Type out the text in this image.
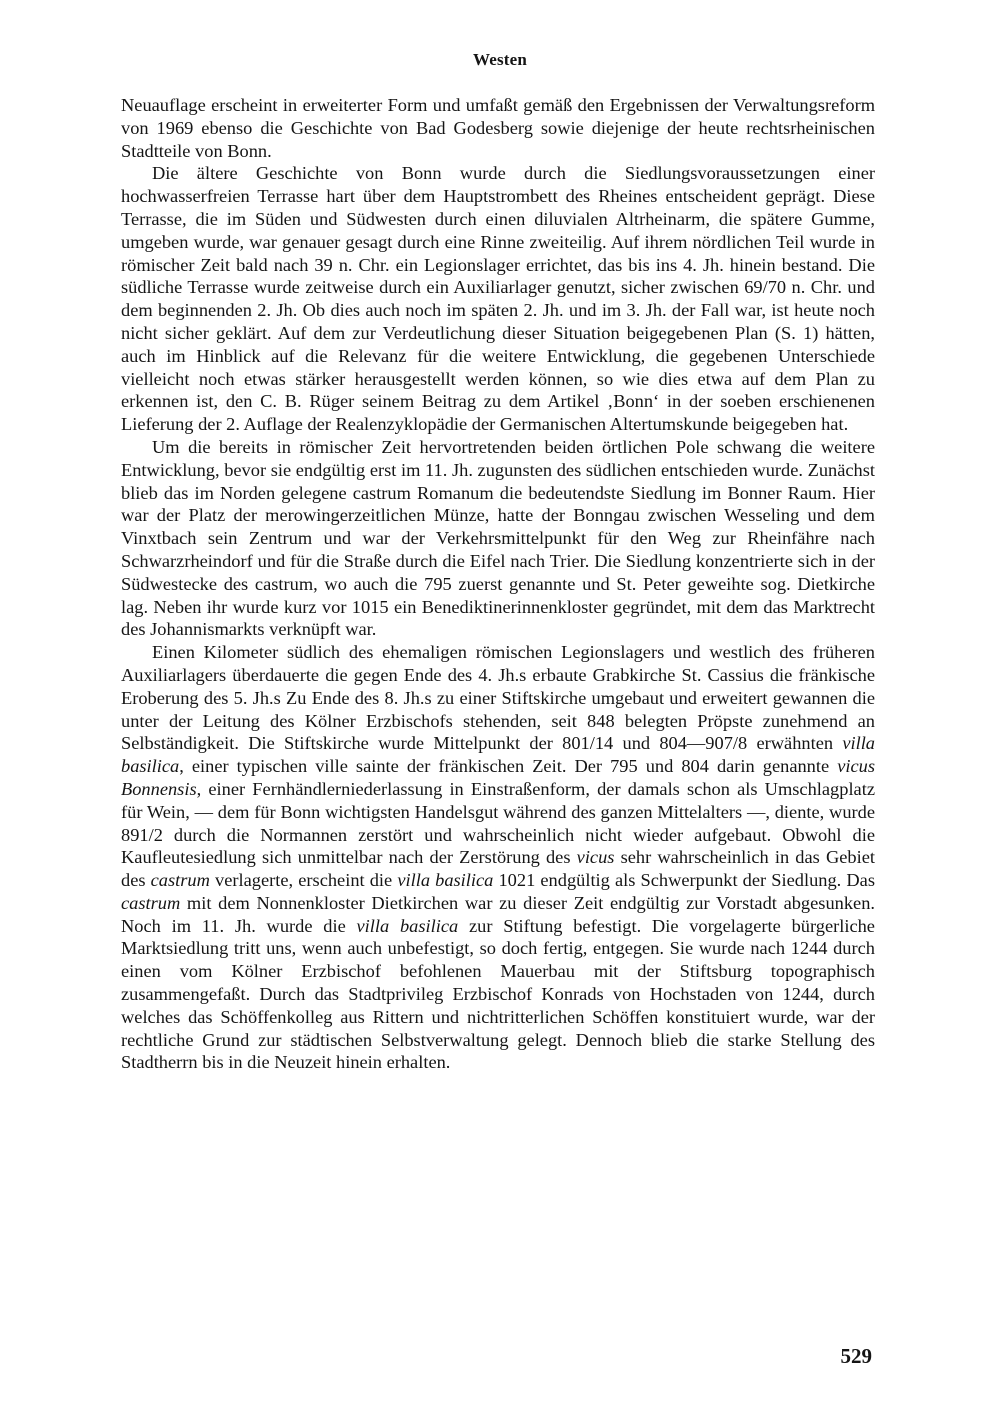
Westen

Neuauflage erscheint in erweiterter Form und umfaßt gemäß den Ergebnissen der Verwaltungsreform von 1969 ebenso die Geschichte von Bad Godesberg sowie diejenige der heute rechtsrheinischen Stadtteile von Bonn.

Die ältere Geschichte von Bonn wurde durch die Siedlungsvoraussetzungen einer hochwasserfreien Terrasse hart über dem Hauptstrombett des Rheines entscheident geprägt. Diese Terrasse, die im Süden und Südwesten durch einen diluvialen Altrheinarm, die spätere Gumme, umgeben wurde, war genauer gesagt durch eine Rinne zweiteilig. Auf ihrem nördlichen Teil wurde in römischer Zeit bald nach 39 n. Chr. ein Legionslager errichtet, das bis ins 4. Jh. hinein bestand. Die südliche Terrasse wurde zeitweise durch ein Auxiliarlager genutzt, sicher zwischen 69/70 n. Chr. und dem beginnenden 2. Jh. Ob dies auch noch im späten 2. Jh. und im 3. Jh. der Fall war, ist heute noch nicht sicher geklärt. Auf dem zur Verdeutlichung dieser Situation beigegebenen Plan (S. 1) hätten, auch im Hinblick auf die Relevanz für die weitere Entwicklung, die gegebenen Unterschiede vielleicht noch etwas stärker herausgestellt werden können, so wie dies etwa auf dem Plan zu erkennen ist, den C. B. Rüger seinem Beitrag zu dem Artikel ‚Bonn‘ in der soeben erschienenen Lieferung der 2. Auflage der Realenzyklopädie der Germanischen Altertumskunde beigegeben hat.

Um die bereits in römischer Zeit hervortretenden beiden örtlichen Pole schwang die weitere Entwicklung, bevor sie endgültig erst im 11. Jh. zugunsten des südlichen entschieden wurde. Zunächst blieb das im Norden gelegene castrum Romanum die bedeutendste Siedlung im Bonner Raum. Hier war der Platz der merowingerzeitlichen Münze, hatte der Bonngau zwischen Wesseling und dem Vinxtbach sein Zentrum und war der Verkehrsmittelpunkt für den Weg zur Rheinfähre nach Schwarzrheindorf und für die Straße durch die Eifel nach Trier. Die Siedlung konzentrierte sich in der Südwestecke des castrum, wo auch die 795 zuerst genannte und St. Peter geweihte sog. Dietkirche lag. Neben ihr wurde kurz vor 1015 ein Benediktinerinnenkloster gegründet, mit dem das Marktrecht des Johannismarkts verknüpft war.

Einen Kilometer südlich des ehemaligen römischen Legionslagers und westlich des früheren Auxiliarlagers überdauerte die gegen Ende des 4. Jh.s erbaute Grabkirche St. Cassius die fränkische Eroberung des 5. Jh.s Zu Ende des 8. Jh.s zu einer Stiftskirche umgebaut und erweitert gewannen die unter der Leitung des Kölner Erzbischofs stehenden, seit 848 belegten Pröpste zunehmend an Selbständigkeit. Die Stiftskirche wurde Mittelpunkt der 801/14 und 804—907/8 erwähnten villa basilica, einer typischen ville sainte der fränkischen Zeit. Der 795 und 804 darin genannte vicus Bonnensis, einer Fernhändlerniederlassung in Einstraßenform, der damals schon als Umschlagplatz für Wein, — dem für Bonn wichtigsten Handelsgut während des ganzen Mittelalters —, diente, wurde 891/2 durch die Normannen zerstört und wahrscheinlich nicht wieder aufgebaut. Obwohl die Kaufleutesiedlung sich unmittelbar nach der Zerstörung des vicus sehr wahrscheinlich in das Gebiet des castrum verlagerte, erscheint die villa basilica 1021 endgültig als Schwerpunkt der Siedlung. Das castrum mit dem Nonnenkloster Dietkirchen war zu dieser Zeit endgültig zur Vorstadt abgesunken. Noch im 11. Jh. wurde die villa basilica zur Stiftung befestigt. Die vorgelagerte bürgerliche Marktsiedlung tritt uns, wenn auch unbefestigt, so doch fertig, entgegen. Sie wurde nach 1244 durch einen vom Kölner Erzbischof befohlenen Mauerbau mit der Stiftsburg topographisch zusammengefaßt. Durch das Stadtprivileg Erzbischof Konrads von Hochstaden von 1244, durch welches das Schöffenkolleg aus Rittern und nichtritterlichen Schöffen konstituiert wurde, war der rechtliche Grund zur städtischen Selbstverwaltung gelegt. Dennoch blieb die starke Stellung des Stadtherrn bis in die Neuzeit hinein erhalten.

529
